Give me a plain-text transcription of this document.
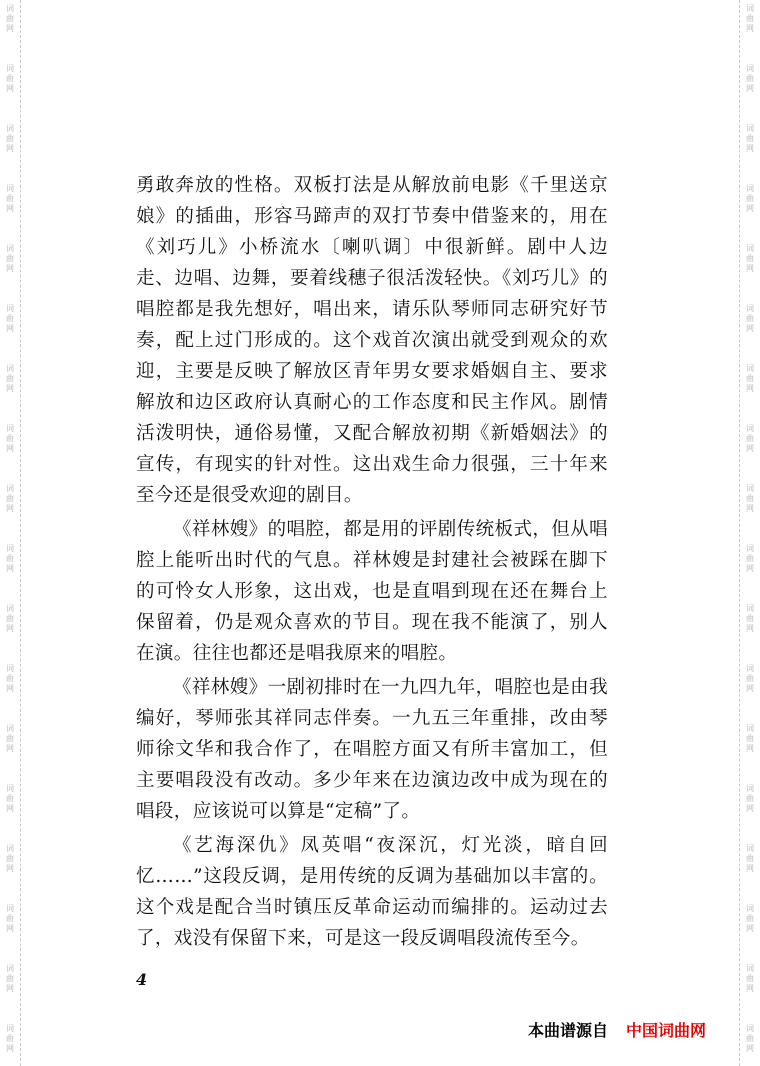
词
曲
网
词
曲
网
词
曲
网
词
曲
网
词
曲
网
词
曲
网
词
曲
网
词
曲
网
词
曲
网
词
曲
网
词
曲
网
词
曲
网
词
曲
网
词
曲
网
词
曲
网
词
曲
网
词
曲
网
词
曲
网
词
曲
网
词
曲
网
词
曲
网
词
曲
网
词
曲
网
词
曲
网
词
曲
网
词
曲
网
词
曲
网
词
曲
网
词
曲
网
词
曲
网
词
曲
网
词
曲
网
词
曲
网
词
曲
网
词
曲
网
词
曲
网

勇敢奔放的性格。双板打法是从解放前电影《千里送京娘》的插曲，形容马蹄声的双打节奏中借鉴来的，用在《刘巧儿》小桥流水〔喇叭调〕中很新鲜。剧中人边走、边唱、边舞，要着线穗子很活泼轻快。《刘巧儿》的唱腔都是我先想好，唱出来，请乐队琴师同志研究好节奏，配上过门形成的。这个戏首次演出就受到观众的欢迎，主要是反映了解放区青年男女要求婚姻自主、要求解放和边区政府认真耐心的工作态度和民主作风。剧情活泼明快，通俗易懂，又配合解放初期《新婚姻法》的宣传，有现实的针对性。这出戏生命力很强，三十年来至今还是很受欢迎的剧目。

《祥林嫂》的唱腔，都是用的评剧传统板式，但从唱腔上能听出时代的气息。祥林嫂是封建社会被踩在脚下的可怜女人形象，这出戏，也是直唱到现在还在舞台上保留着，仍是观众喜欢的节目。现在我不能演了，别人在演。往往也都还是唱我原来的唱腔。

《祥林嫂》一剧初排时在一九四九年，唱腔也是由我编好，琴师张其祥同志伴奏。一九五三年重排，改由琴师徐文华和我合作了，在唱腔方面又有所丰富加工，但主要唱段没有改动。多少年来在边演边改中成为现在的唱段，应该说可以算是“定稿”了。

《艺海深仇》凤英唱“夜深沉，灯光淡，暗自回忆……”这段反调，是用传统的反调为基础加以丰富的。这个戏是配合当时镇压反革命运动而编排的。运动过去了，戏没有保留下来，可是这一段反调唱段流传至今。

4
本曲谱源自 中国词曲网
